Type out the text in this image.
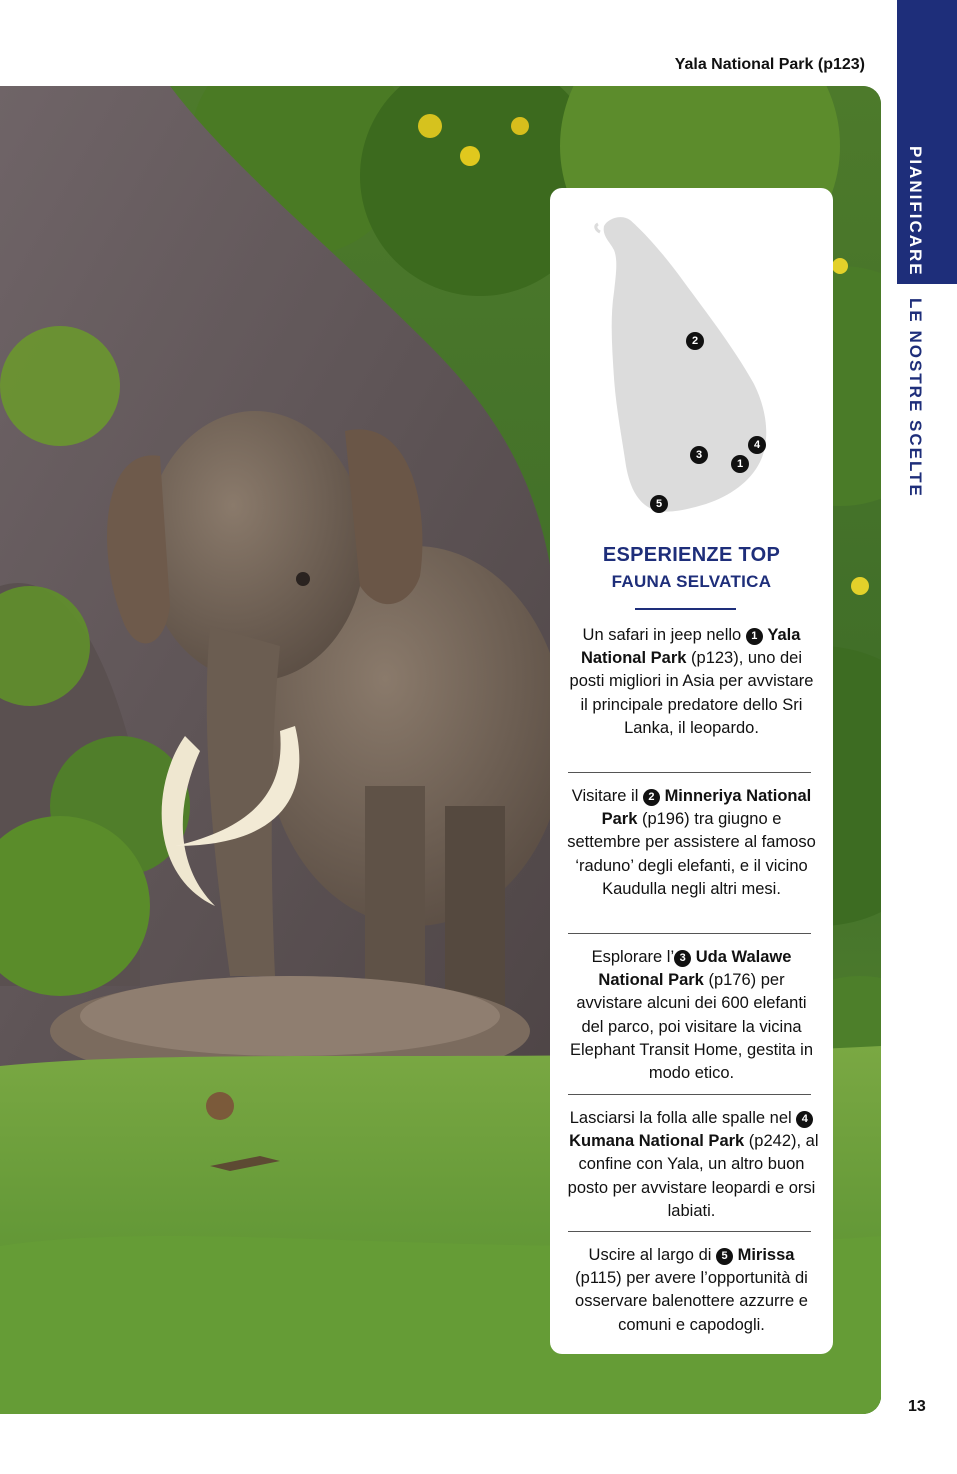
Yala National Park (p123)
PIANIFICARE
LE NOSTRE SCELTE
13
2
3
4
1
5
ESPERIENZE TOP
FAUNA SELVATICA
Un safari in jeep nello 1 Yala National Park (p123), uno dei posti migliori in Asia per avvistare il principale predatore dello Sri Lanka, il leopardo.
Visitare il 2 Minneriya National Park (p196) tra giugno e settembre per assistere al famoso ‘raduno’ degli elefanti, e il vicino Kaudulla negli altri mesi.
Esplorare l’ 3 Uda Walawe National Park (p176) per avvistare alcuni dei 600 elefanti del parco, poi visitare la vicina Elephant Transit Home, gestita in modo etico.
Lasciarsi la folla alle spalle nel 4 Kumana National Park (p242), al confine con Yala, un altro buon posto per avvistare leopardi e orsi labiati.
Uscire al largo di 5 Mirissa (p115) per avere l’opportunità di osservare balenottere azzurre e comuni e capodogli.
